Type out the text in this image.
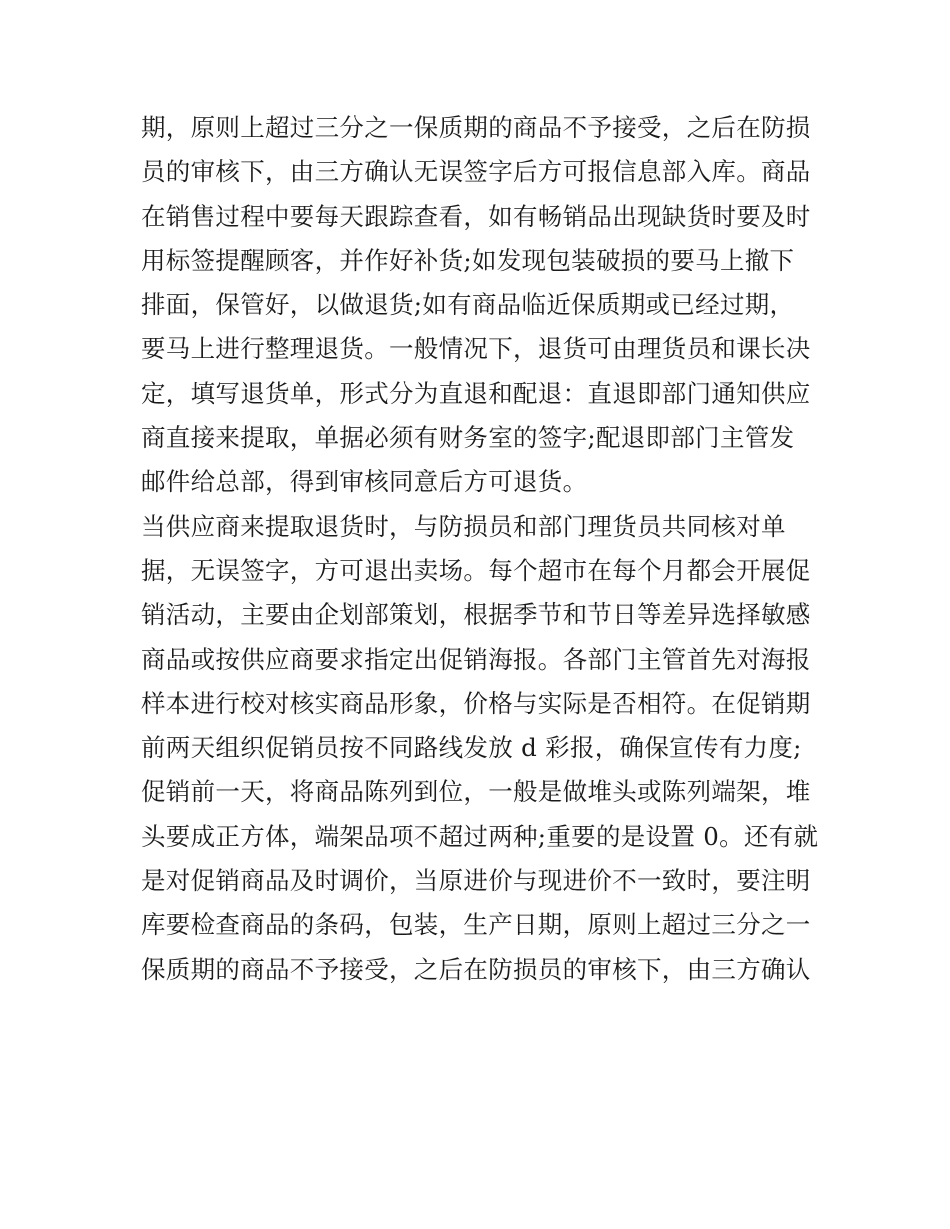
期，原则上超过三分之一保质期的商品不予接受，之后在防损
员的审核下，由三方确认无误签字后方可报信息部入库。商品
在销售过程中要每天跟踪查看，如有畅销品出现缺货时要及时
用标签提醒顾客，并作好补货;如发现包装破损的要马上撤下
排面，保管好，以做退货;如有商品临近保质期或已经过期，
要马上进行整理退货。一般情况下，退货可由理货员和课长决
定，填写退货单，形式分为直退和配退：直退即部门通知供应
商直接来提取，单据必须有财务室的签字;配退即部门主管发
邮件给总部，得到审核同意后方可退货。
当供应商来提取退货时，与防损员和部门理货员共同核对单
据，无误签字，方可退出卖场。每个超市在每个月都会开展促
销活动，主要由企划部策划，根据季节和节日等差异选择敏感
商品或按供应商要求指定出促销海报。各部门主管首先对海报
样本进行校对核实商品形象，价格与实际是否相符。在促销期
前两天组织促销员按不同路线发放 d 彩报，确保宣传有力度;
促销前一天，将商品陈列到位，一般是做堆头或陈列端架，堆
头要成正方体，端架品项不超过两种;重要的是设置 0。还有就
是对促销商品及时调价，当原进价与现进价不一致时，要注明
库要检查商品的条码，包装，生产日期，原则上超过三分之一
保质期的商品不予接受，之后在防损员的审核下，由三方确认
